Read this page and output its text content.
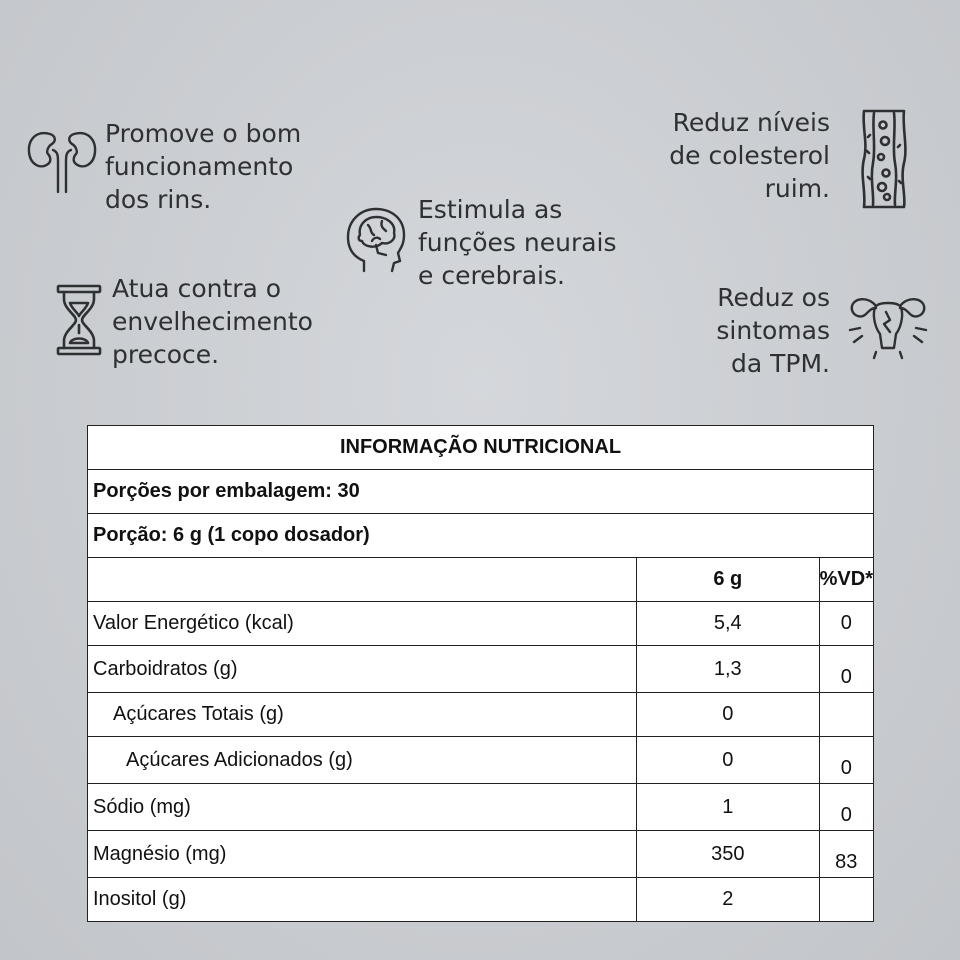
Promove o bom
funcionamento
dos rins.	Estimula as
funções neurais
e cerebrais.
Atua contra o
envelhecimento
precoce.
Reduz níveis
de colesterol
ruim.
Reduz os
sintomas
da TPM.
INFORMAÇÃO NUTRICIONAL		
Porções por embalagem: 30		
Porção: 6 g (1 copo dosador)		
	6 g	%VD*
Valor Energético (kcal)	5,4	0
Carboidratos (g)	1,3	0
Açúcares Totais (g)	0	
Açúcares Adicionados (g)	0	0
Sódio (mg)	1	0
Magnésio (mg)	350	83
Inositol (g)	2	
